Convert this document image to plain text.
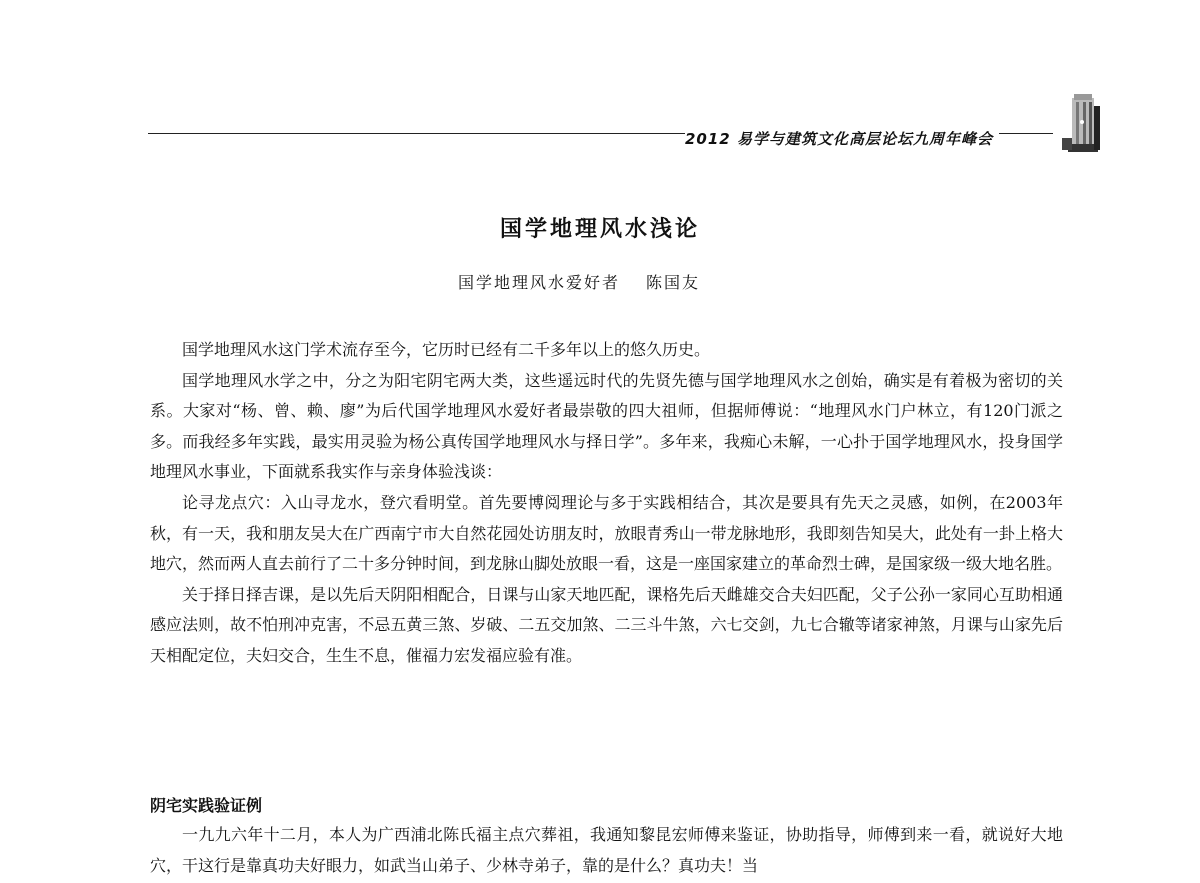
2012 易学与建筑文化高层论坛九周年峰会
国学地理风水浅论
国学地理风水爱好者 陈国友

国学地理风水这门学术流存至今，它历时已经有二千多年以上的悠久历史。

国学地理风水学之中，分之为阳宅阴宅两大类，这些遥远时代的先贤先德与国学地理风水之创始，确实是有着极为密切的关系。大家对“杨、曾、赖、廖”为后代国学地理风水爱好者最崇敬的四大祖师，但据师傅说：“地理风水门户林立，有120门派之多。而我经多年实践，最实用灵验为杨公真传国学地理风水与择日学”。多年来，我痴心未解，一心扑于国学地理风水，投身国学地理风水事业，下面就系我实作与亲身体验浅谈：

论寻龙点穴：入山寻龙水，登穴看明堂。首先要博阅理论与多于实践相结合，其次是要具有先天之灵感，如例，在2003年秋，有一天，我和朋友吴大在广西南宁市大自然花园处访朋友时，放眼青秀山一带龙脉地形，我即刻告知吴大，此处有一卦上格大地穴，然而两人直去前行了二十多分钟时间，到龙脉山脚处放眼一看，这是一座国家建立的革命烈士碑，是国家级一级大地名胜。

关于择日择吉课，是以先后天阴阳相配合，日课与山家天地匹配，课格先后天雌雄交合夫妇匹配，父子公孙一家同心互助相通感应法则，故不怕刑冲克害，不忌五黄三煞、岁破、二五交加煞、二三斗牛煞，六七交剑，九七合辙等诸家神煞，月课与山家先后天相配定位，夫妇交合，生生不息，催福力宏发福应验有准。

阴宅实践验证例

一九九六年十二月，本人为广西浦北陈氏福主点穴葬祖，我通知黎昆宏师傅来鉴证，协助指导，师傅到来一看，就说好大地穴，干这行是靠真功夫好眼力，如武当山弟子、少林寺弟子，靠的是什么？真功夫！当
